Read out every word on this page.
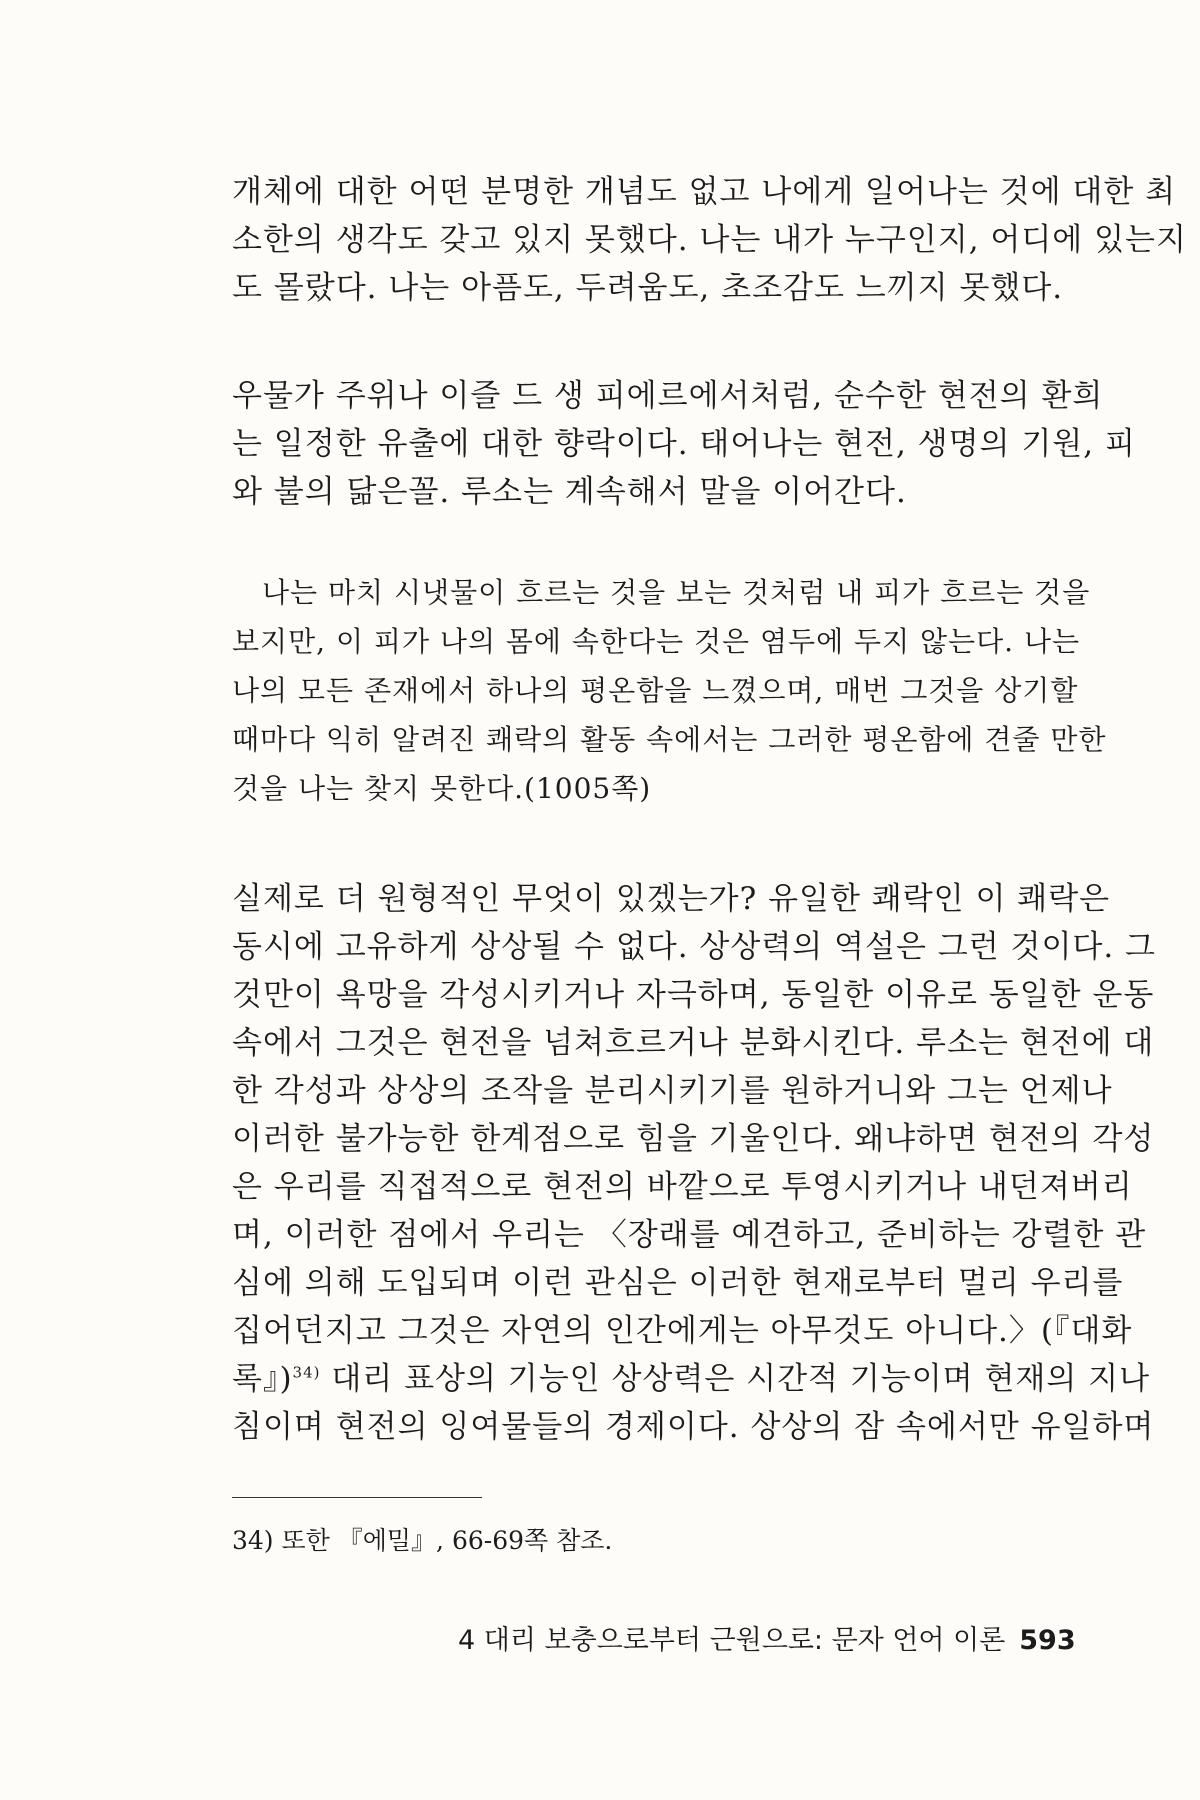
개체에 대한 어떤 분명한 개념도 없고 나에게 일어나는 것에 대한 최
소한의 생각도 갖고 있지 못했다. 나는 내가 누구인지, 어디에 있는지
도 몰랐다. 나는 아픔도, 두려움도, 초조감도 느끼지 못했다.
우물가 주위나 이즐 드 생 피에르에서처럼, 순수한 현전의 환희
는 일정한 유출에 대한 향락이다. 태어나는 현전, 생명의 기원, 피
와 불의 닮은꼴. 루소는 계속해서 말을 이어간다.
나는 마치 시냇물이 흐르는 것을 보는 것처럼 내 피가 흐르는 것을
보지만, 이 피가 나의 몸에 속한다는 것은 염두에 두지 않는다. 나는
나의 모든 존재에서 하나의 평온함을 느꼈으며, 매번 그것을 상기할
때마다 익히 알려진 쾌락의 활동 속에서는 그러한 평온함에 견줄 만한
것을 나는 찾지 못한다.(1005쪽)
실제로 더 원형적인 무엇이 있겠는가? 유일한 쾌락인 이 쾌락은
동시에 고유하게 상상될 수 없다. 상상력의 역설은 그런 것이다. 그
것만이 욕망을 각성시키거나 자극하며, 동일한 이유로 동일한 운동
속에서 그것은 현전을 넘쳐흐르거나 분화시킨다. 루소는 현전에 대
한 각성과 상상의 조작을 분리시키기를 원하거니와 그는 언제나
이러한 불가능한 한계점으로 힘을 기울인다. 왜냐하면 현전의 각성
은 우리를 직접적으로 현전의 바깥으로 투영시키거나 내던져버리
며, 이러한 점에서 우리는 〈장래를 예견하고, 준비하는 강렬한 관
심에 의해 도입되며 이런 관심은 이러한 현재로부터 멀리 우리를
집어던지고 그것은 자연의 인간에게는 아무것도 아니다.〉(『대화
록』)$^{34)}$ 대리 표상의 기능인 상상력은 시간적 기능이며 현재의 지나
침이며 현전의 잉여물들의 경제이다. 상상의 잠 속에서만 유일하며
34) 또한 『에밀』, 66-69쪽 참조.
4 대리 보충으로부터 근원으로: 문자 언어 이론 593
